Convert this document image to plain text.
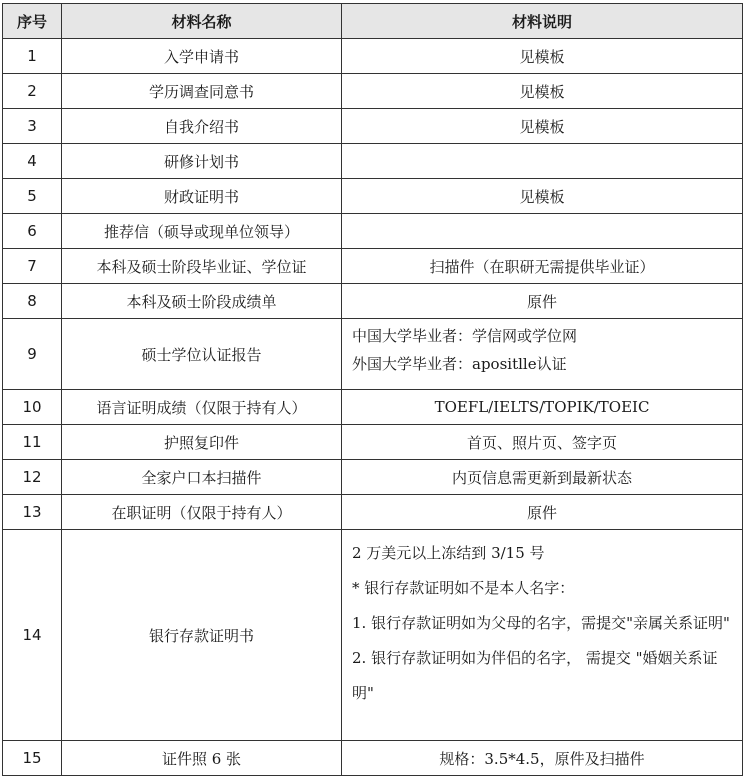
序号	材料名称	材料说明
1	入学申请书	见模板
2	学历调查同意书	见模板
3	自我介绍书	见模板
4	研修计划书	
5	财政证明书	见模板
6	推荐信（硕导或现单位领导）	
7	本科及硕士阶段毕业证、学位证	扫描件（在职研无需提供毕业证）
8	本科及硕士阶段成绩单	原件
9	硕士学位认证报告	中国大学毕业者：学信网或学位网
外国大学毕业者：apositlle认证

10	语言证明成绩（仅限于持有人）	TOEFL/IELTS/TOPIK/TOEIC
11	护照复印件	首页、照片页、签字页
12	全家户口本扫描件	内页信息需更新到最新状态
13	在职证明（仅限于持有人）	原件
14	银行存款证明书	2 万美元以上冻结到 3/15 号
* 银行存款证明如不是本人名字：
1. 银行存款证明如为父母的名字，需提交"亲属关系证明"
2. 银行存款证明如为伴侣的名字， 需提交 "婚姻关系证明"

15	证件照 6 张	规格：3.5*4.5，原件及扫描件
